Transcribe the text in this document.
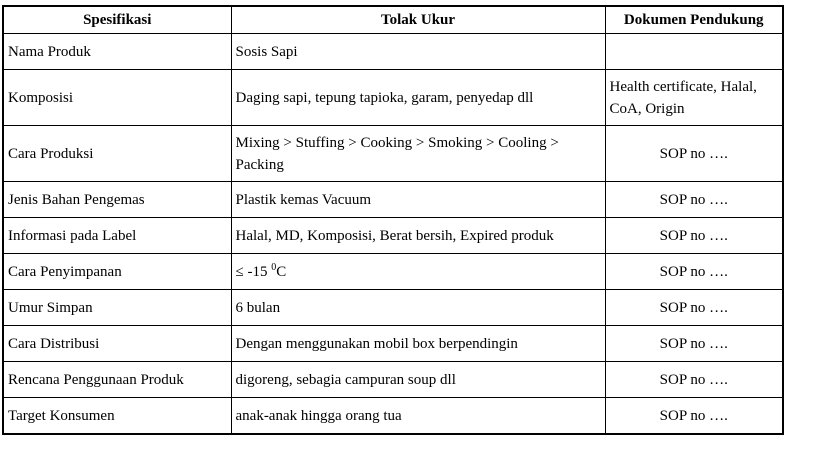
Spesifikasi	Tolak Ukur	Dokumen Pendukung
Nama Produk	Sosis Sapi	
Komposisi	Daging sapi, tepung tapioka, garam, penyedap dll	Health certificate, Halal, CoA, Origin
Cara Produksi	Mixing > Stuffing > Cooking > Smoking > Cooling > Packing	SOP no ….
Jenis Bahan Pengemas	Plastik kemas Vacuum	SOP no ….
Informasi pada Label	Halal, MD, Komposisi, Berat bersih, Expired produk	SOP no ….
Cara Penyimpanan	≤ -15 $^0$C	SOP no ….
Umur Simpan	6 bulan	SOP no ….
Cara Distribusi	Dengan menggunakan mobil box berpendingin	SOP no ….
Rencana Penggunaan Produk	digoreng, sebagia campuran soup dll	SOP no ….
Target Konsumen	anak-anak hingga orang tua	SOP no ….
